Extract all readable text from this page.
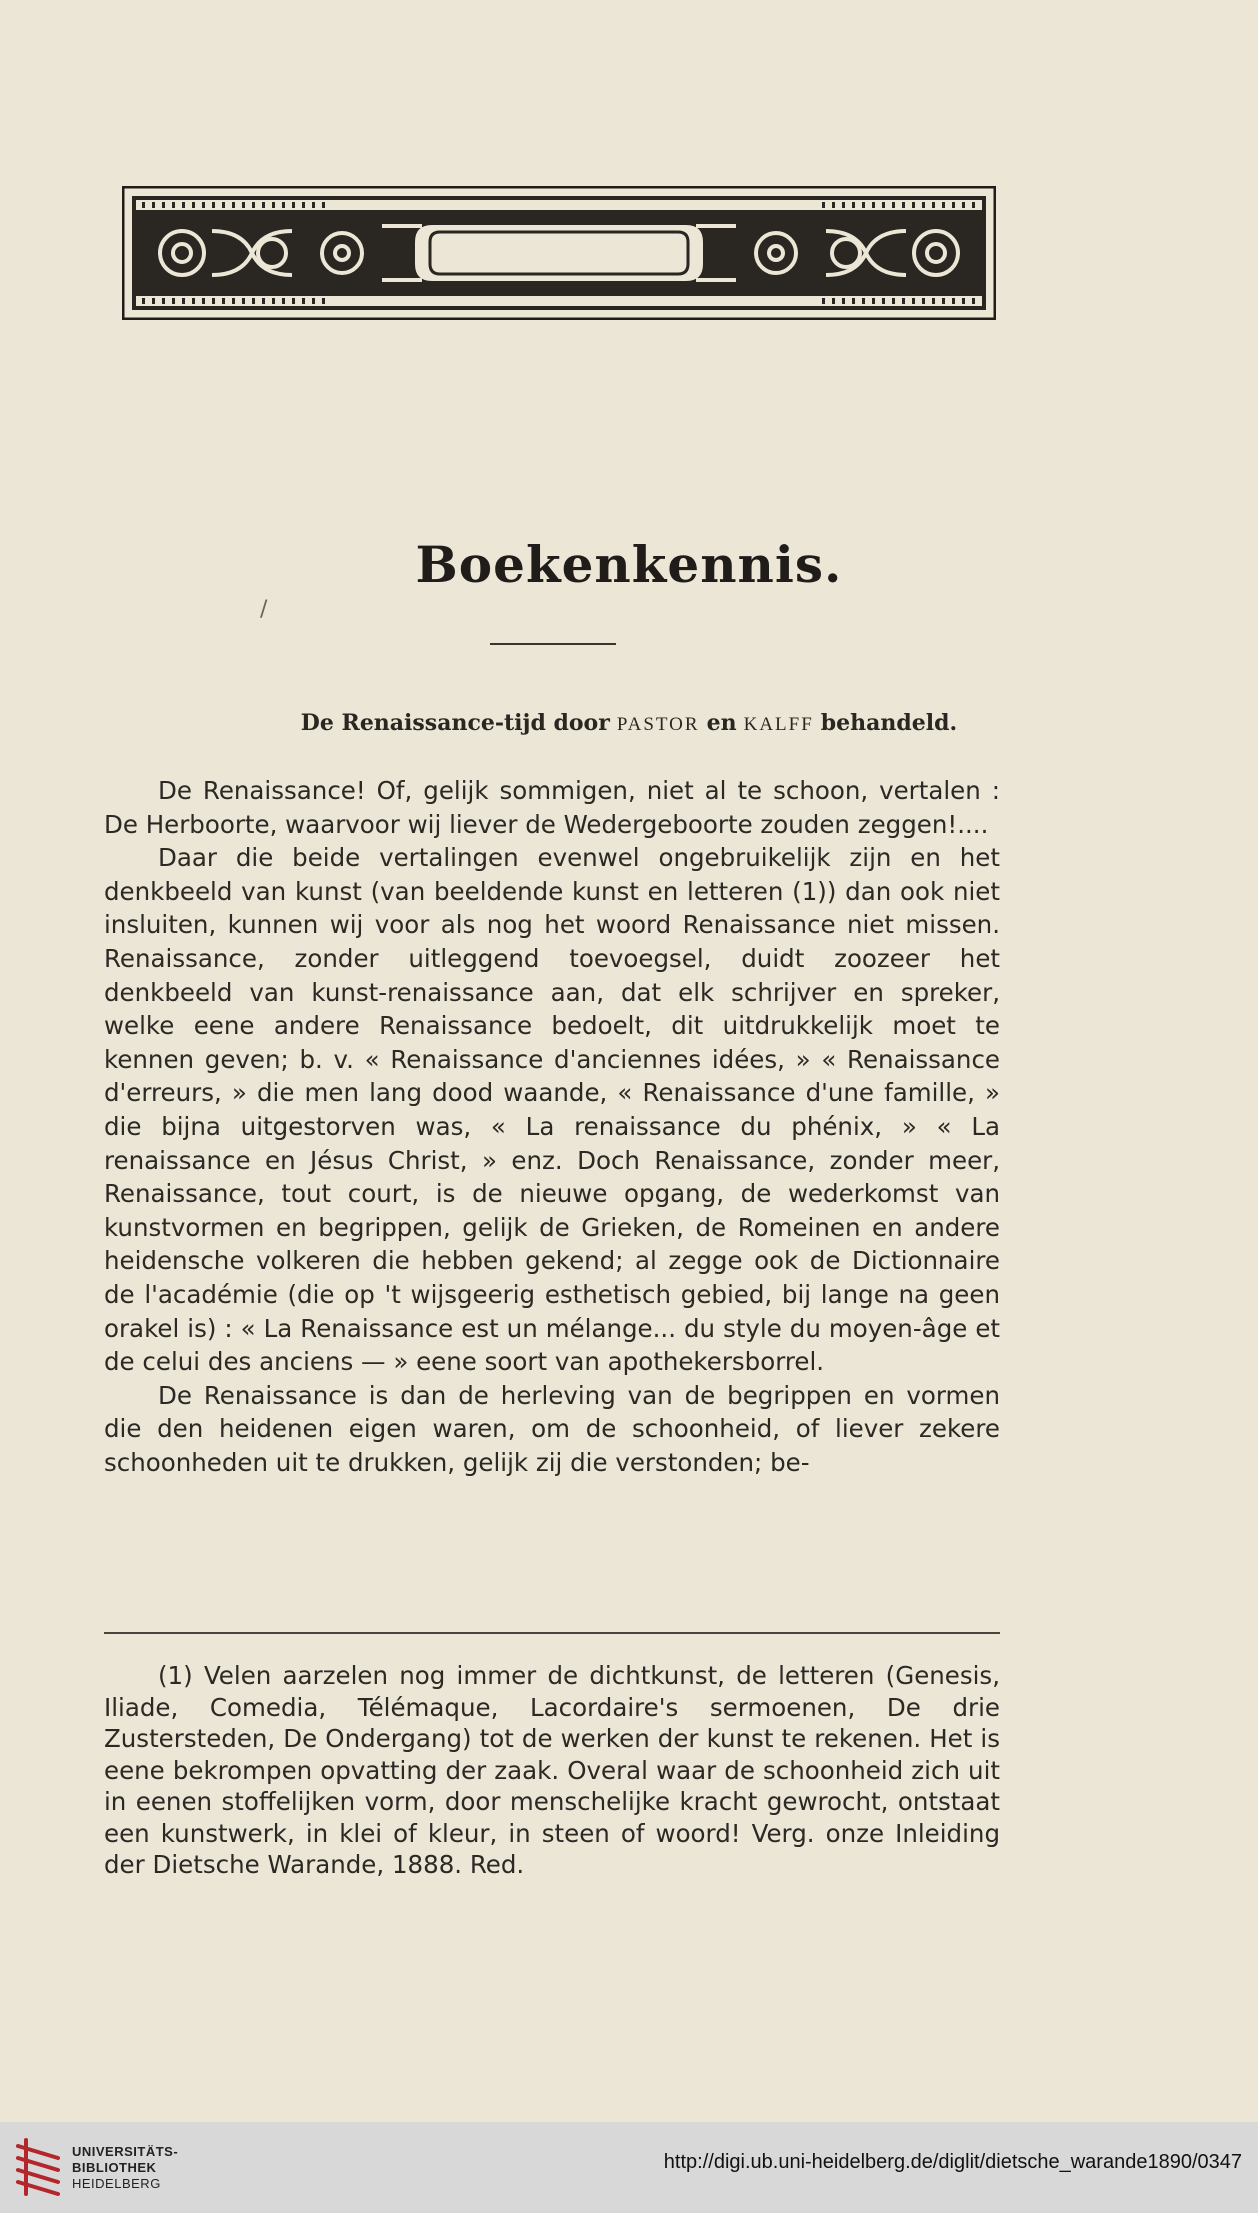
Boekenkennis.
/
De Renaissance-tijd door PASTOR en KALFF behandeld.

De Renaissance! Of, gelijk sommigen, niet al te schoon, vertalen : De Herboorte, waarvoor wij liever de Wedergeboorte zouden zeggen!....

Daar die beide vertalingen evenwel ongebruikelijk zijn en het denkbeeld van kunst (van beeldende kunst en letteren (1)) dan ook niet insluiten, kunnen wij voor als nog het woord Renaissance niet missen. Renaissance, zonder uitleggend toevoegsel, duidt zoozeer het denkbeeld van kunst-renaissance aan, dat elk schrijver en spreker, welke eene andere Renaissance bedoelt, dit uitdrukkelijk moet te kennen geven; b. v. « Renaissance d'anciennes idées, » « Renaissance d'erreurs, » die men lang dood waande, « Renaissance d'une famille, » die bijna uitgestorven was, « La renaissance du phénix, » « La renaissance en Jésus Christ, » enz. Doch Renaissance, zonder meer, Renaissance, tout court, is de nieuwe opgang, de wederkomst van kunstvormen en begrippen, gelijk de Grieken, de Romeinen en andere heidensche volkeren die hebben gekend; al zegge ook de Dictionnaire de l'académie (die op 't wijsgeerig esthetisch gebied, bij lange na geen orakel is) : « La Renaissance est un mélange... du style du moyen-âge et de celui des anciens — » eene soort van apothekersborrel.

De Renaissance is dan de herleving van de begrippen en vormen die den heidenen eigen waren, om de schoonheid, of liever zekere schoonheden uit te drukken, gelijk zij die verstonden; be-

(1) Velen aarzelen nog immer de dichtkunst, de letteren (Genesis, Iliade, Comedia, Télémaque, Lacordaire's sermoenen, De drie Zustersteden, De Ondergang) tot de werken der kunst te rekenen. Het is eene bekrompen opvatting der zaak. Overal waar de schoonheid zich uit in eenen stoffelijken vorm, door menschelijke kracht gewrocht, ontstaat een kunstwerk, in klei of kleur, in steen of woord! Verg. onze Inleiding der Dietsche Warande, 1888. Red.

UNIVERSITÄTS-
BIBLIOTHEK
HEIDELBERG
http://digi.ub.uni-heidelberg.de/diglit/dietsche_warande1890/0347
